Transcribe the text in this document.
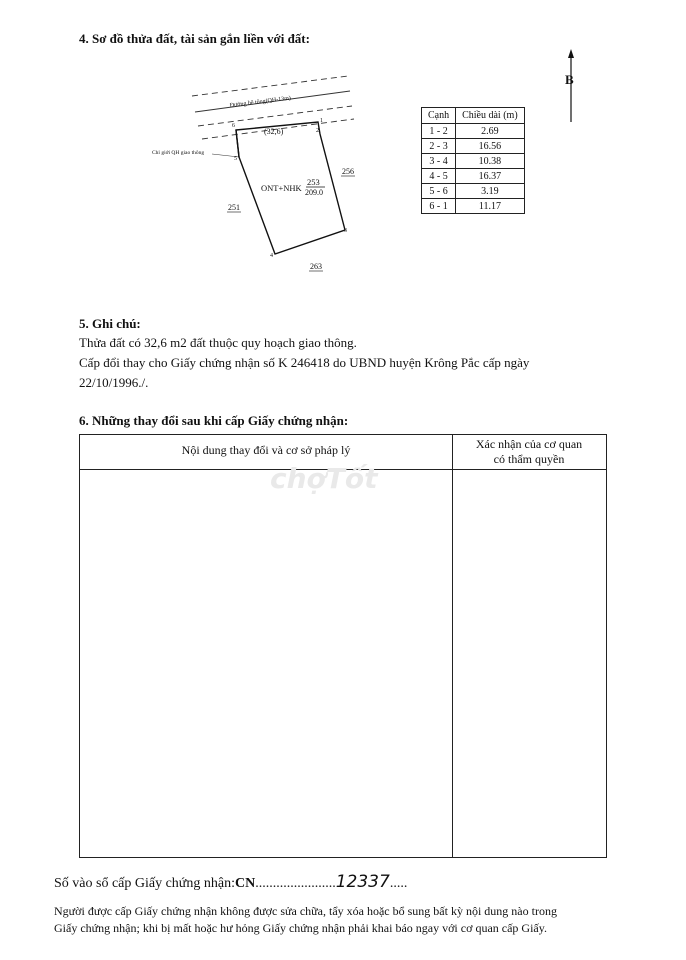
4. Sơ đồ thửa đất, tài sản gắn liền với đất:
Đường bê tông(QH-13m)
Chỉ giới QH giao thông
6
2
1
5
3
4
(32,6)
ONT+NHK
253
209.0
256
251
263
Cạnh	Chiều dài (m)
1 - 2	2.69
2 - 3	16.56
3 - 4	10.38
4 - 5	16.37
5 - 6	3.19
6 - 1	11.17
B
5. Ghi chú:
Thửa đất có 32,6 m2 đất thuộc quy hoạch giao thông.
Cấp đổi thay cho Giấy chứng nhận số K 246418 do UBND huyện Krông Pắc cấp ngày
22/10/1996./.
6. Những thay đổi sau khi cấp Giấy chứng nhận:
Nội dung thay đổi và cơ sở pháp lý	Xác nhận của cơ quan
có thẩm quyền
chợTốt
Số vào sổ cấp Giấy chứng nhận:CN.......................12337.....
Người được cấp Giấy chứng nhận không được sửa chữa, tẩy xóa hoặc bổ sung bất kỳ nội dung nào trong
Giấy chứng nhận; khi bị mất hoặc hư hỏng Giấy chứng nhận phải khai báo ngay với cơ quan cấp Giấy.
